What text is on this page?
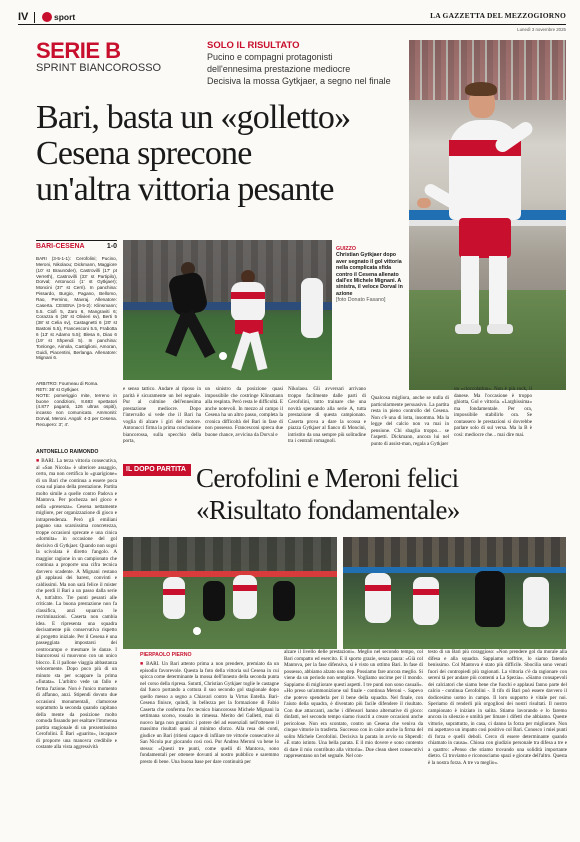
IV	sport	LA GAZZETTA DEL MEZZOGIORNO
Lunedì 3 novembre 2025
SERIE B
SPRINT BIANCOROSSO
SOLO IL RISULTATO
Pucino e compagni protagonisti
dell'ennesima prestazione mediocre
Decisiva la mossa Gytkjaer, a segno nel finale
Bari, basta un «golletto»
Cesena sprecone
un'altra vittoria pesante
BARI-CESENA	1-0
BARI (3-5-1-1): Cerofolini; Pucino, Meroni, Nikolaou; Dickmann, Maggiore (10' st Braunöder), Castrovilli (17' pt Verreth), Castrovilli (33' st Partipilo), Dorval; Antonucci (1' st Gytkjaer); Moncini (37' st Cerri). In panchina: Pissardo, Burgio, Pagano, Bellomo, Rao, Pernino, Mavraj. Allenatore: Caserta. CESENA (3-5-2): Klinsmann; 5.5. Ciofi 5, Zaro 6, Mangraviti 6; Corazza 6 (36' st Olivieri sv), Berti 5 (38' st Celia sv), Castagnetti 6 (20' st Bastoni 5.5), Francesconi 5.5, Frabotta 6 (13' st Adamo 5.5); Blesa 6, Diao 6 (19' st Shpendi 5). In panchina: Tonlonge, Aimola, Castiglioni, Amoran, Guidi, Piacentini, Berlanga. Allenatore: Mignani 6.
ARBITRO: Fourneau di Roma.
RETI: 36' st Gytkjaer.
NOTE: pomeriggio mite, terreno in buone condizioni, 8.683 spettatori (4.877 paganti, 126 ultras ospiti), incasso non comunicato. Ammoniti: Dorval, Meroni. Angoli: 4-3 per Cesena. Recupero: 3'; 4'.
GUIZZO
Christian Gytkjaer dopo aver segnato il gol vittoria nella complicata sfida contro il Cesena allenato dall'ex Michele Mignani. A sinistra, il veloce Dorval in azione
[foto Donato Fasano]
ANTONELLO RAIMONDO
■ BARI. La terza vittoria consecutiva, al «San Nicola» è ulteriore assaggio, certo, ma non certifica lo «guarigione» di un Bari che continua a essere poca cosa sul piano della prestazione. Partita molto simile a quelle contro Padova e Mantova. Per pochezza nel gioco e nella «presenza». Cesena nettamente migliore, per organizzazione di gioco e intraprendenza. Però gli emiliani pagano una scarsissima concretezza, troppe occasioni sprecate e una cinica «dormita» in occasione del gol decisivo di Gytkjaer. Quando non sogni la scivolata è diretto l'angolo. A maggior ragione in un campionato che continua a proporre una cifra tecnica davvero scadente. A Mignani restano gli applausi dei barest, convinti e caldissimi. Ma non sarà felice il mister che perdi il Bari a un passo dalla serie A, tutt'altro. Tre punti pesanti alle criticate. La buona prestazione non fa classifica, anzi squarcia le recriminazioni. Caserta non cambia idea. E ripresenta una squadra decisamente più conservativa rispetto al progetto iniziale. Per il Cesena è una passeggiata impostarsi dei centrocampo e mesmare le danze. I biancorossi si muovono con un unico blocco. E il pallone viaggia abbastanza velocemente. Dopo poco più di un minuto sta per scappare la prima «fiutata». L'arbitro vede un fallo e ferma l'azione. Non è l'unico momento di affanno, anzi. Stipendi dovuto due occasioni monumentali, clamorose soprattutto la seconda quando capitano della mente da posizione molto comoda fissando per esaltare l'immensa partita stagionale di un prezentissimo Cerofolini. È Bari «guarito», incapace di proporre una manovra credibile e costante alla vista aggressività
e senso tattico. Andare al riposo in parità è sicuramente un bel segnale. Pur al culmine dell'ennesima prestazione mediocre. Dopo l'intervallo si vede che il Bari ha voglia di alzare i giri del motore. Antonucci firma la prima conclusione biancorossa, sulla specchio della porta,
un sinistro da posizione quasi impossibile che costringe Klinsmann alla respinta. Però resta le difficoltà. E anche notevoli. In mezzo al campo il Cesena ha un altro passo, completa la cronica difficoltà del Bari in fase di non possesso. Francesconi spreca due buone chance, avvicina da Dorval e
Nikolaou. Gli avversari arrivano troppo facilmente dalle parti di Cerofolini, tutto trainare che una novità spensando alla serie A, tutta prestazione di questa campionato. Caserta prova a dare la scossa e piazza Gytkjaer al fianco di Moncini, intristito da una sempre più solitudine tra i centrali romagnoli.
Qualcosa migliora, anche se nulla di particolarmente persuasivo. La partita resta in pieno controllo del Cesena. Non c'è una di lotta, insomma. Ma la legge del calcio non va mai in pensione. Chi sbaglia troppo... se l'aspetti. Dickmann, ancora lui nel punto di assist-man, regala a Gytkjaer
un «cioccolatino». Non è più rock, il danese. Ma l'occasione è troppo ghiotta, Gol e vittoria. «Larghissima» ma fondamentale. Per ora, impossibile stabilirlo ora. Se contassero le prestazioni si dovrebbe parlare solo di sul versa. Ma la B è così: mediocre che... mai dire mai.
IL DOPO PARTITA Cerofolini e Meroni felici
«Risultato fondamentale»
PIERPAOLO PIERNO
■ BARI. Un Bari attento prima a non prendere, premiato da un episodio favorevole. Questa la foto della vittoria sul Cesena in cui spicca come determinante la mossa dell'innesto della seconda punta nel corso della ripresa. Sututti, Christian Gytkjaer toglie le castagne dal fuoco portando a cottura il suo secondo gol stagionale dopo quello messo a segno a Chiavari contro la Virtus Entella. Bari-Cesena finisce, quindi, in bellezza per la formazione di Fabio Caserta che conferma l'ex tecnico biancorosso Michele Mignani la settimana scorso, rossalo in rimessa. Merito del Galletti, mai di nuovo larga non guarnira: i potere del ad essenziali nell'ottenere il massimo risultati quasi al minimo sforzo. Alla resa dei conti, giudice un Bari (ritieni capace di infilare tre vittorie consecutive al San Nicola pur giocando così così. Pur Andrea Meroni va bene lo stesso: «Questi tre punti, come quelli di Mantova, sono fondamentali per ottenere dovunti al nostro pubblico e saremmo presto di bene. Una buona base per dare continuità per
alzare il livello delle prestazioni». Meglio nel secondo tempo, col Bari compatto ed esercito. E il sporto grazie, senza paura: «Già col Mantova, per la fase difensiva, si è visto un ottimo Bari. In fase di possesso, abbiamo alzato uno step. Possiamo fare ancora meglio. Si viene da un periodo non semplice. Vogliamo uscirne per il mondo. Sappiamo di migliorare questi aspetti. I tre punti non sono casuali». «Ho preso un'ammonizione sul finale - continua Meroni -. Sapevo che potevo spenderla per il bene della squadra. Nel finale, con l'aiuto della squadra, è diventato più facile difendere il risultato. Con due attaccanti, anche i difensori hanno alternative di gioco: dinfatti, nel secondo tempo siamo riusciti a creare occasioni anche pericolose. Non era scontato, contro un Cesena che veniva da cinque vittorie in trasferta. Successo con in calce anche la firma del solito Michele Cerofolini. Decisiva la parata in avvio su Shpendi: «È stato istinto. Una bella parata. E il mio dovere e sono contento di dare il mio contributo alla vittoria». Due clean sheet consecutivi rappresentano un bel segnale. Nel con-
testo di un Bari più coraggioso: «Non prendere gol da morale alla difesa e alla squadra. Sappiamo soffrire, lo siamo fatendo benissimo. Col Mantova è stato più difficile. Sbocilia sono venuti fuori dei contropiedi più ragionati. La vittoria c'è da ragionare con sereni tà per andare più contenti a La Spezia». «Siamo consapevoli dei calciatori che siamo bene che fuochi e applausi fanno parte del calcio - continua Cerofolini -. Il tifo di Bari può essere davvero il dodicesimo uomo in campo. Il loro supporto è vitale per noi. Speriamo di renderli più orgogliosi dei nostri risultati. Il nostro campionato è iniziato in salita. Stiamo lavorando e lo faremo ancora in silenzio e umiltà per limare i difetti che abbiamo. Queste vittorie, soprattutto, in casa, ci danno la forza per migliorare. Non mi aspettavo un impatto così positivo col Bari. Conosco i miei punti di forza e quelli deboli. Cerco di essere determinante quando chiamato in causa». Chiosa con giudizio personale tra difesa a tre e a quattro: «Penso che stiamo trovando una solidità importante dietro. Ci troviamo e riconosciamo spazi e giocate dell'altro. Questa è la nostra forza. A tre va meglio».
